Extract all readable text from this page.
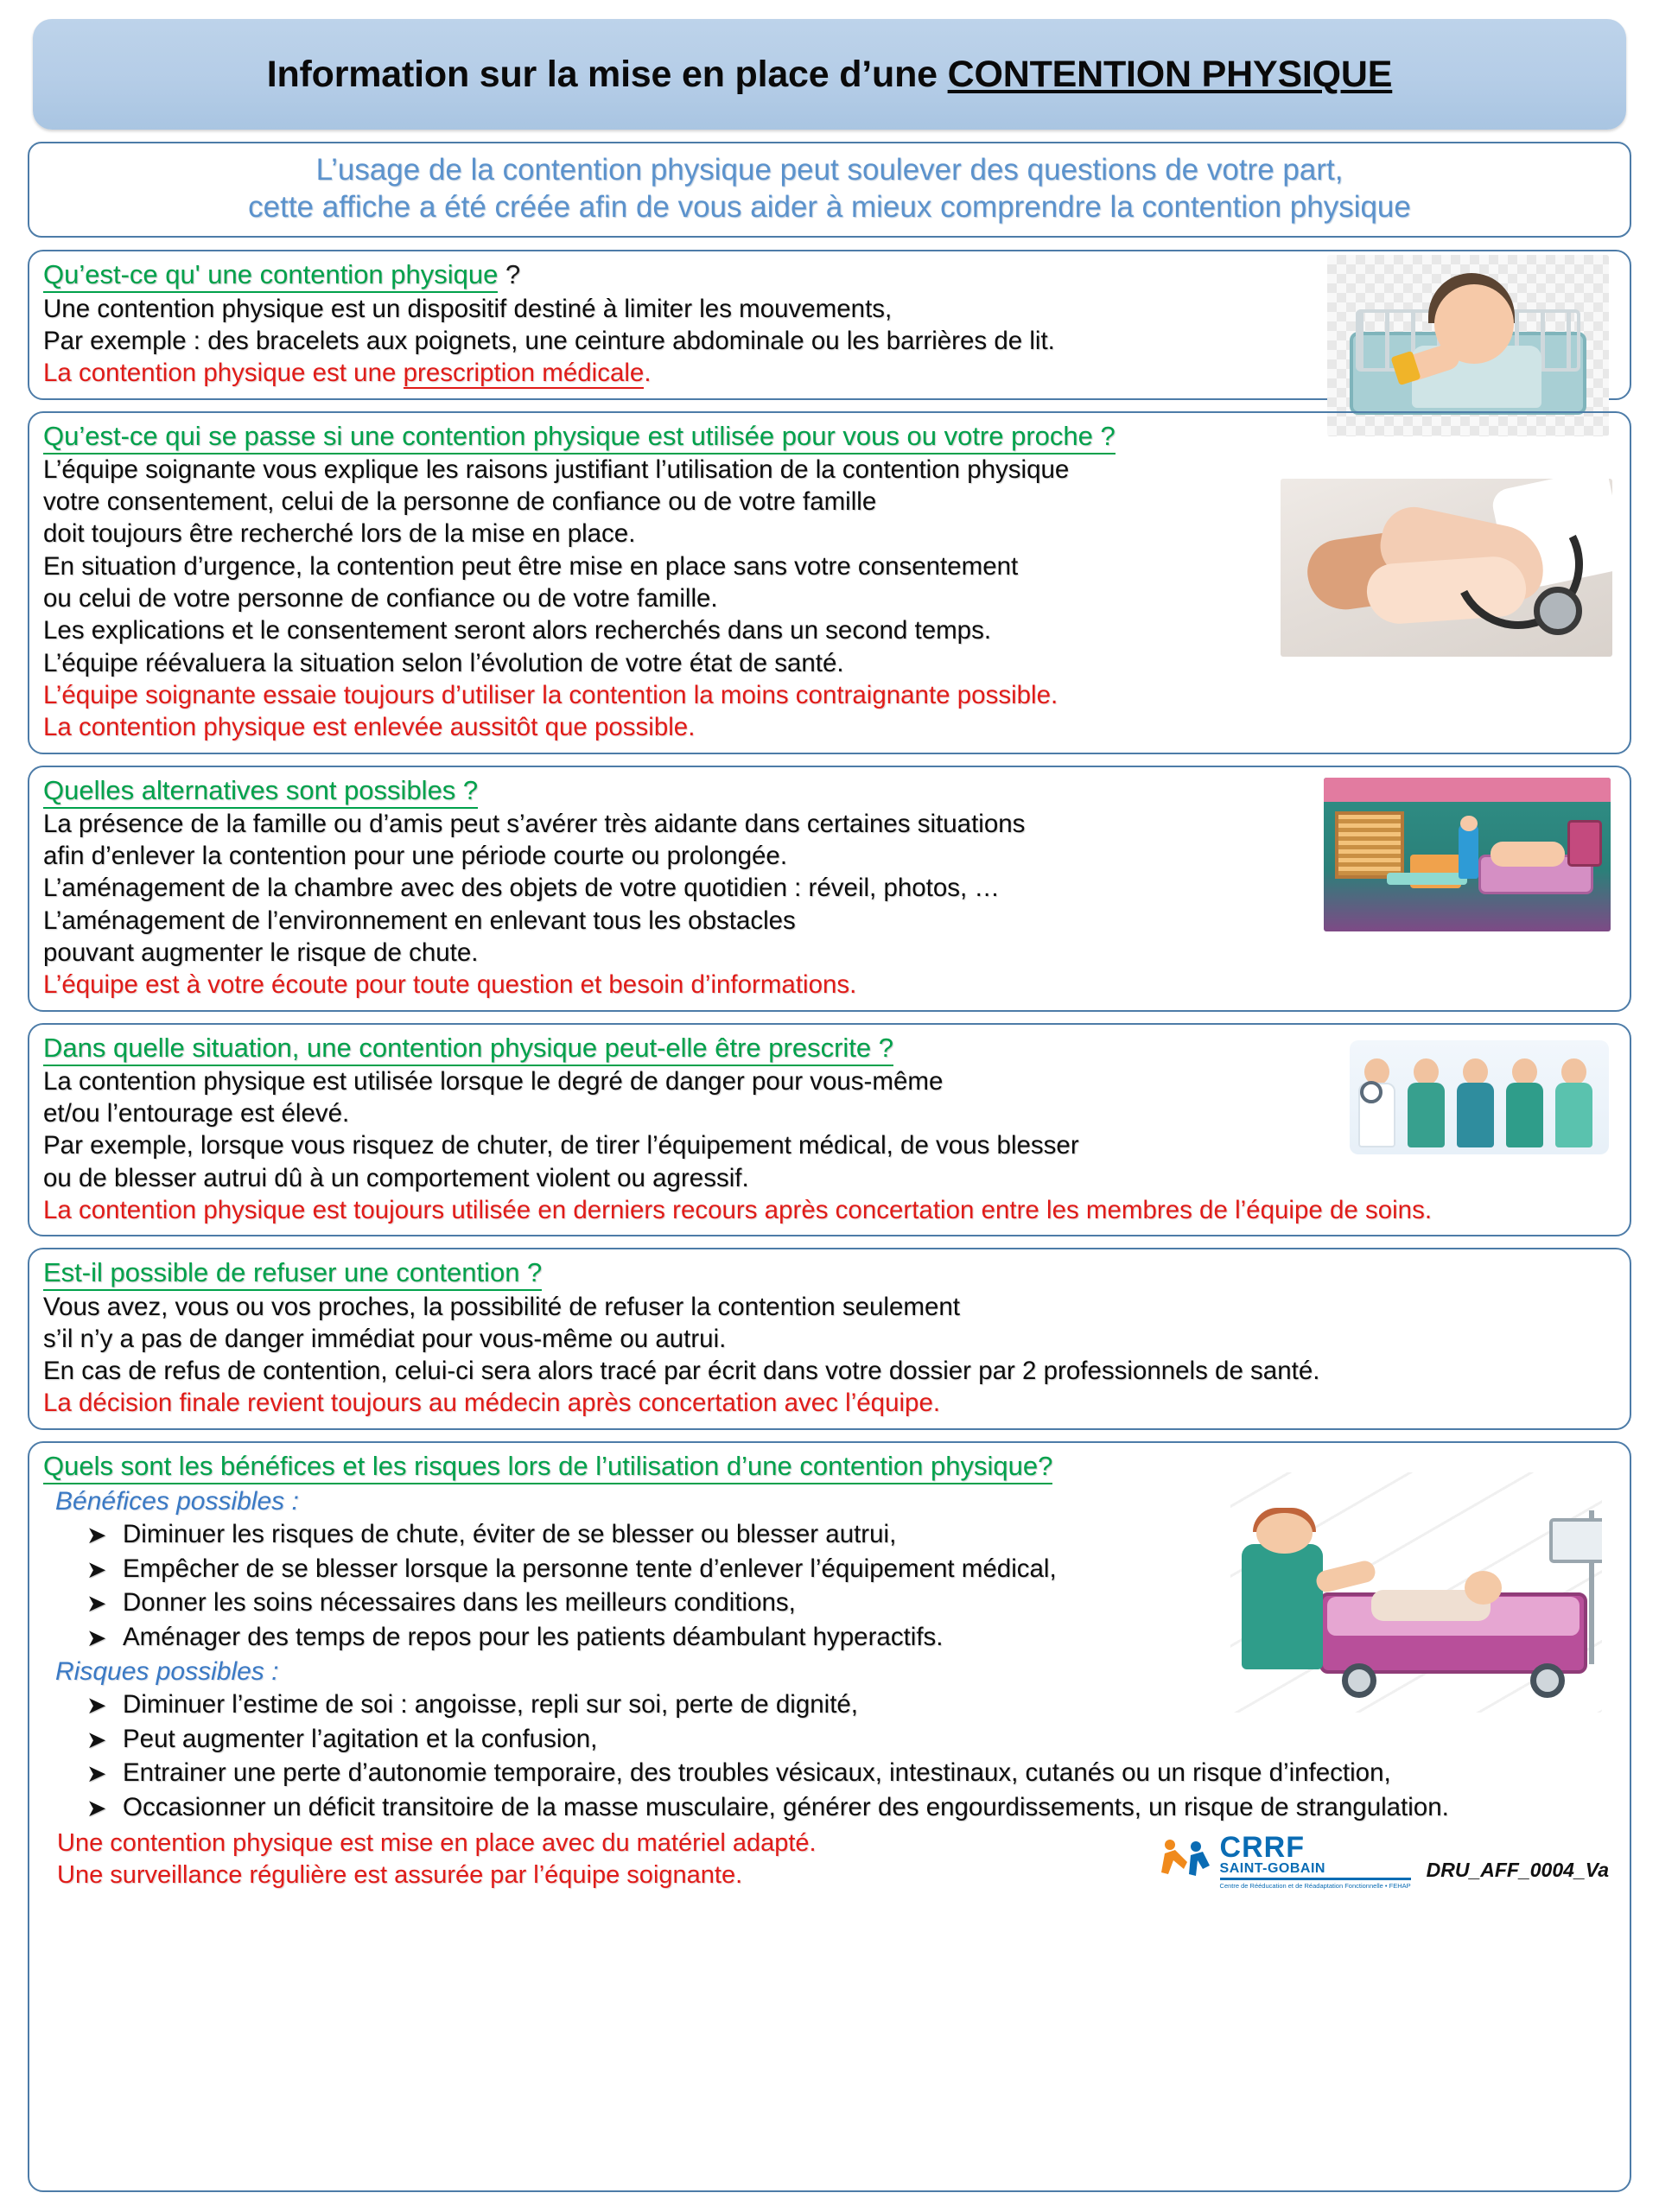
Information sur la mise en place d’une CONTENTION PHYSIQUE
L’usage de la contention physique peut soulever des questions de votre part,
cette affiche a été créée afin de vous aider à mieux comprendre la contention physique
Qu’est-ce qu' une contention physique ?
Une contention physique est un dispositif destiné à limiter les mouvements,
Par exemple : des bracelets aux poignets, une ceinture abdominale ou les barrières de lit.
La contention physique est une prescription médicale.
Qu’est-ce qui se passe si une contention physique est utilisée pour vous ou votre proche ?
L’équipe soignante vous explique les raisons justifiant l’utilisation de la contention physique
votre consentement, celui de la personne de confiance ou de votre famille
doit toujours être recherché lors de la mise en place.
En situation d’urgence, la contention peut être mise en place sans votre consentement
ou celui de votre personne de confiance ou de votre famille.
Les explications et le consentement seront alors recherchés dans un second temps.
L’équipe réévaluera la situation selon l’évolution de votre état de santé.
L’équipe soignante essaie toujours d’utiliser la contention la moins contraignante possible.
La contention physique est enlevée aussitôt que possible.
Quelles alternatives sont possibles ?
La présence de la famille ou d’amis peut s’avérer très aidante dans certaines situations
afin d’enlever la contention pour une période courte ou prolongée.
L’aménagement de la chambre avec des objets de votre quotidien : réveil, photos, …
L’aménagement de l’environnement en enlevant tous les obstacles
pouvant augmenter le risque de chute.
L’équipe est à votre écoute pour toute question et besoin d’informations.
Dans quelle situation, une contention physique peut-elle être prescrite ?
La contention physique est utilisée lorsque le degré de danger pour vous-même
et/ou l’entourage est élevé.
Par exemple, lorsque vous risquez de chuter, de tirer l’équipement médical, de vous blesser
ou de blesser autrui dû à un comportement violent ou agressif.
La contention physique est toujours utilisée en derniers recours après concertation entre les membres de l’équipe de soins.
Est-il possible de refuser une contention ?
Vous avez, vous ou vos proches, la possibilité de refuser la contention seulement
s’il n’y a pas de danger immédiat pour vous-même ou autrui.
En cas de refus de contention, celui-ci sera alors tracé par écrit dans votre dossier par 2 professionnels de santé.
La décision finale revient toujours au médecin après concertation avec l’équipe.
Quels sont les bénéfices et les risques lors de l’utilisation d’une contention physique?
Bénéfices possibles :
➤ Diminuer les risques de chute, éviter de se blesser ou blesser autrui,
➤ Empêcher de se blesser lorsque la personne tente d’enlever l’équipement médical,
➤ Donner les soins nécessaires dans les meilleurs conditions,
➤ Aménager des temps de repos pour les patients déambulant hyperactifs.
Risques possibles :
➤ Diminuer l’estime de soi : angoisse, repli sur soi, perte de dignité,
➤ Peut augmenter l’agitation et la confusion,
➤ Entrainer une perte d’autonomie temporaire, des troubles vésicaux, intestinaux, cutanés ou un risque d’infection,
➤ Occasionner un déficit transitoire de la masse musculaire, générer des engourdissements, un risque de strangulation.
Une contention physique est mise en place avec du matériel adapté.
Une surveillance régulière est assurée par l’équipe soignante.
CRRF
SAINT-GOBAIN
Centre de Rééducation et de Réadaptation Fonctionnelle • FEHAP
DRU_AFF_0004_Va
